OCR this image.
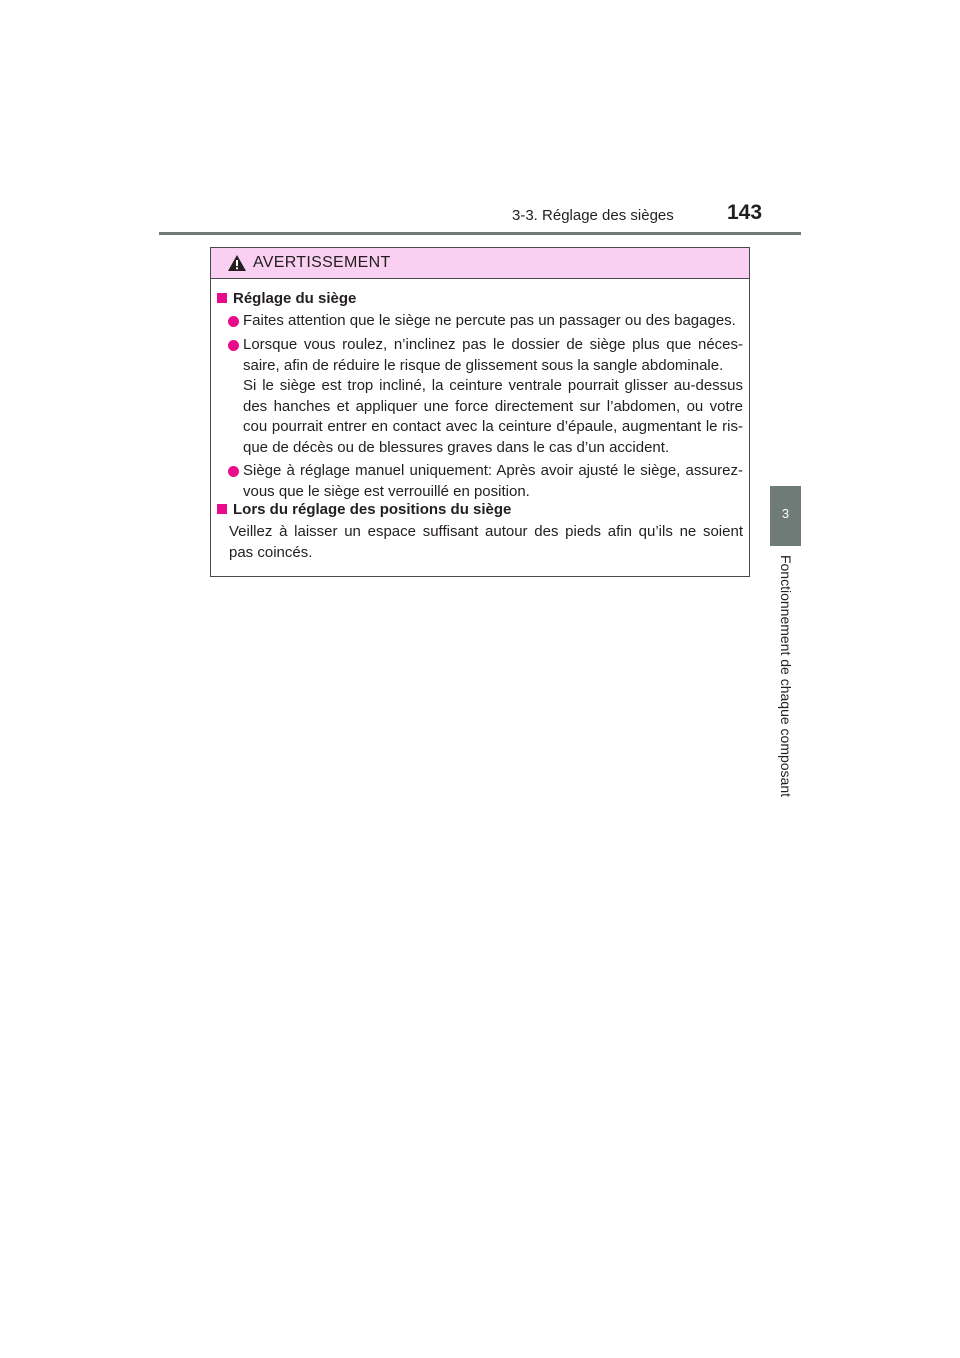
3-3. Réglage des sièges	143
3
Fonctionnement de chaque composant
AVERTISSEMENT
Réglage du siège
Faites attention que le siège ne percute pas un passager ou des bagages.
Lorsque vous roulez, n’inclinez pas le dossier de siège plus que néces-
saire, afin de réduire le risque de glissement sous la sangle abdominale.
Si le siège est trop incliné, la ceinture ventrale pourrait glisser au-dessus
des hanches et appliquer une force directement sur l’abdomen, ou votre
cou pourrait entrer en contact avec la ceinture d’épaule, augmentant le ris-
que de décès ou de blessures graves dans le cas d’un accident.
Siège à réglage manuel uniquement: Après avoir ajusté le siège, assurez-
vous que le siège est verrouillé en position.
Lors du réglage des positions du siège
Veillez à laisser un espace suffisant autour des pieds afin qu’ils ne soient
pas coincés.
